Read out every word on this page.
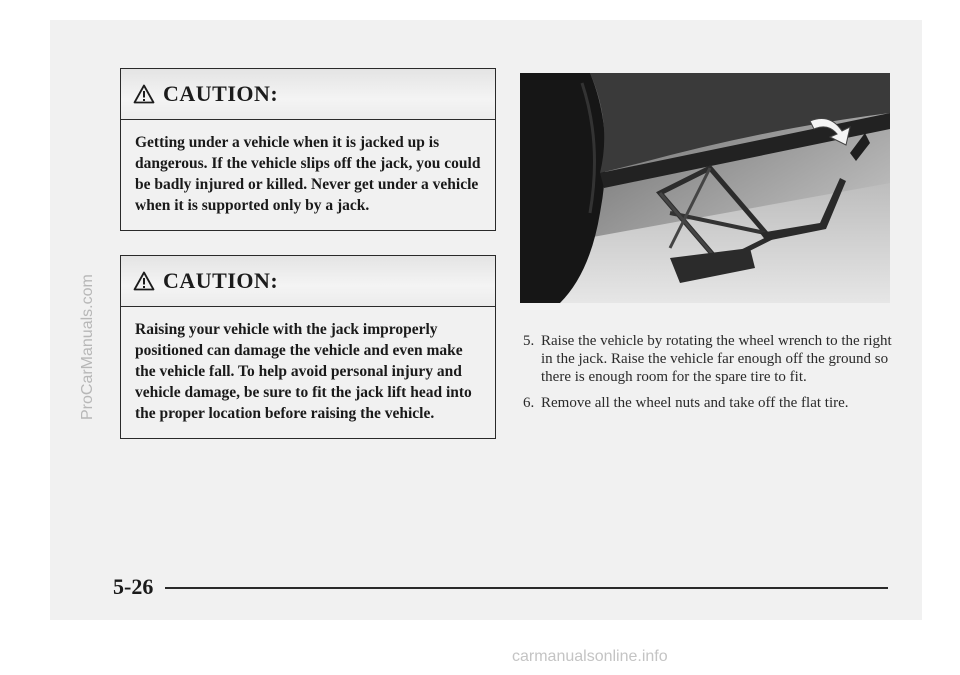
ProCarManuals.com
CAUTION:
Getting under a vehicle when it is jacked up is dangerous. If the vehicle slips off the jack, you could be badly injured or killed. Never get under a vehicle when it is supported only by a jack.
CAUTION:
Raising your vehicle with the jack improperly positioned can damage the vehicle and even make the vehicle fall. To help avoid personal injury and vehicle damage, be sure to fit the jack lift head into the proper location before raising the vehicle.
5. Raise the vehicle by rotating the wheel wrench to the right in the jack. Raise the vehicle far enough off the ground so there is enough room for the spare tire to fit.
6. Remove all the wheel nuts and take off the flat tire.
5-26
carmanualsonline.info
